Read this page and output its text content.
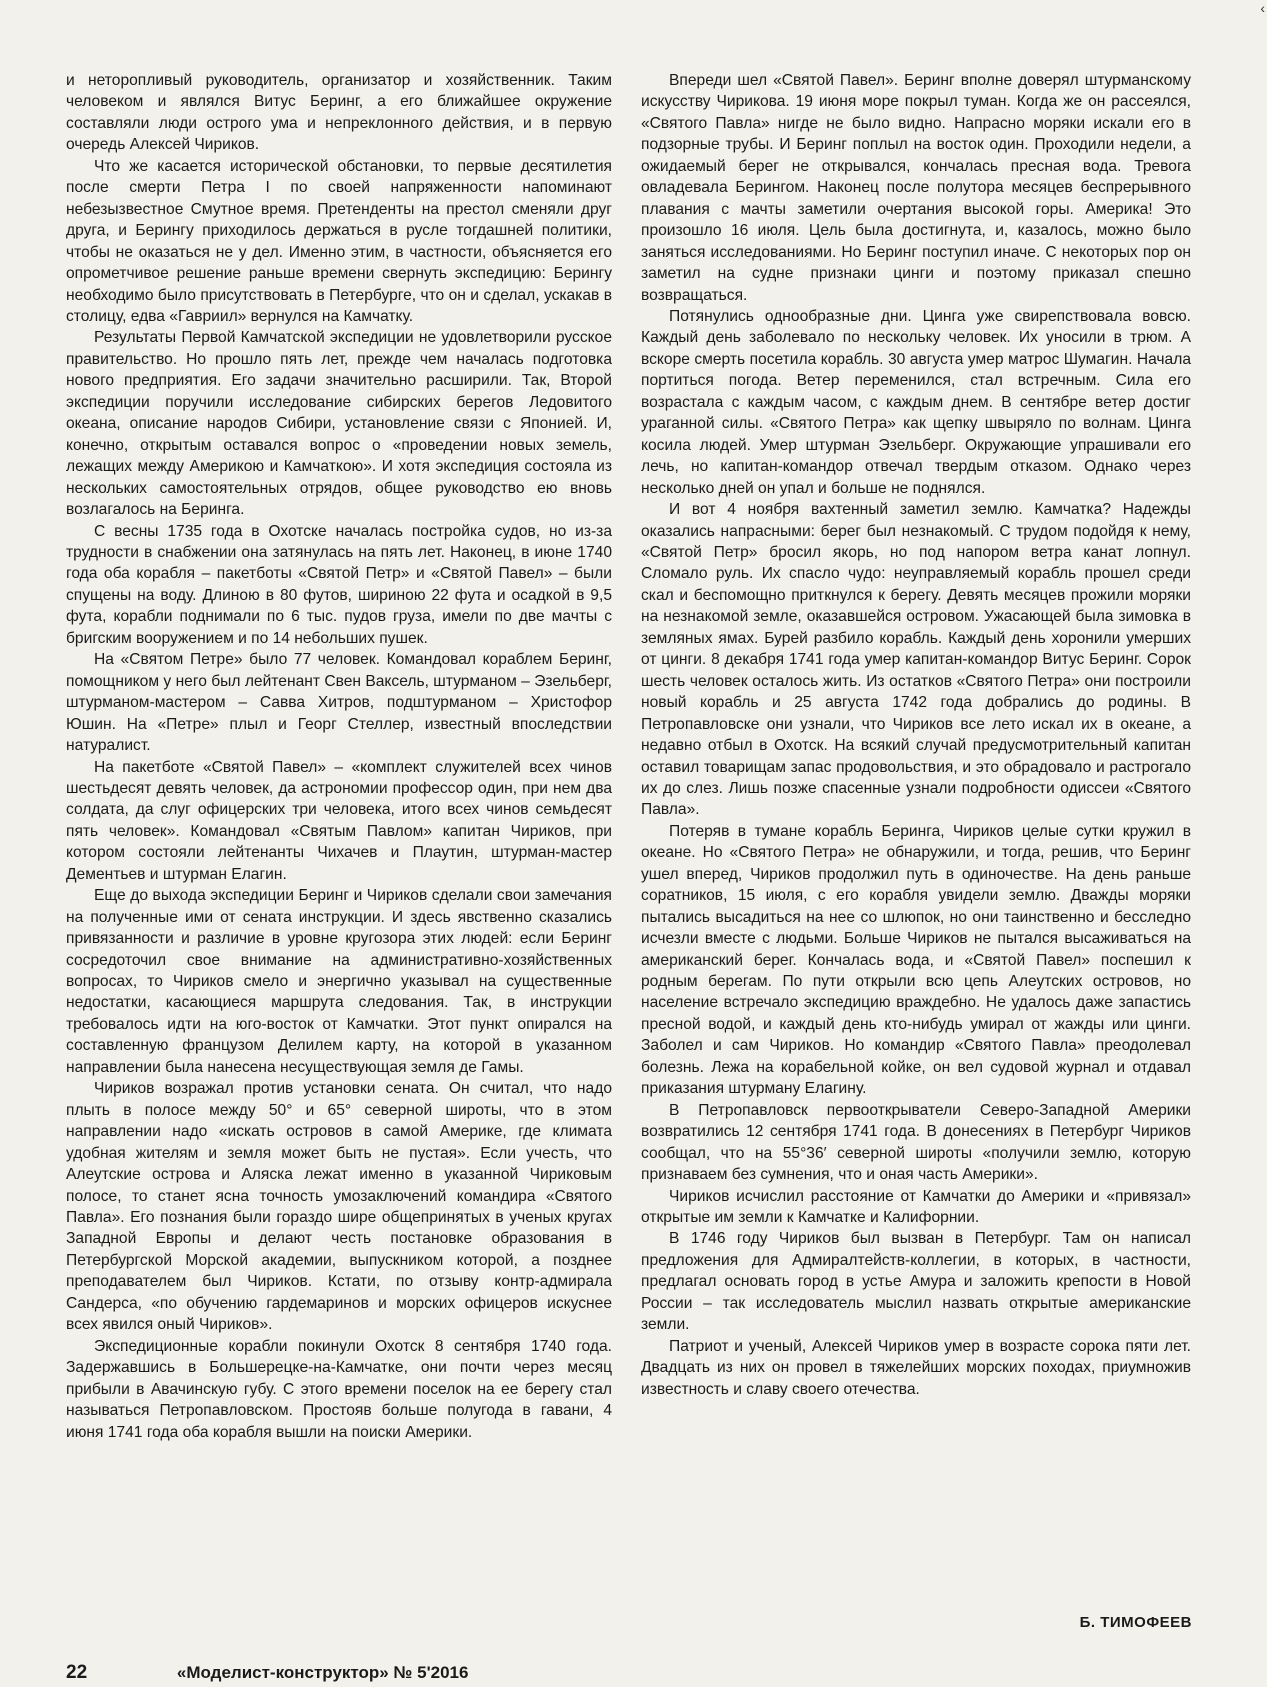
и неторопливый руководитель, организатор и хозяйственник. Таким человеком и являлся Витус Беринг, а его ближайшее окружение составляли люди острого ума и непреклонного действия, и в первую очередь Алексей Чириков.

Что же касается исторической обстановки, то первые десятилетия после смерти Петра I по своей напряженности напоминают небезызвестное Смутное время. Претенденты на престол сменяли друг друга, и Берингу приходилось держаться в русле тогдашней политики, чтобы не оказаться не у дел. Именно этим, в частности, объясняется его опрометчивое решение раньше времени свернуть экспедицию: Берингу необходимо было присутствовать в Петербурге, что он и сделал, ускакав в столицу, едва «Гавриил» вернулся на Камчатку.

Результаты Первой Камчатской экспедиции не удовлетворили русское правительство. Но прошло пять лет, прежде чем началась подготовка нового предприятия. Его задачи значительно расширили. Так, Второй экспедиции поручили исследование сибирских берегов Ледовитого океана, описание народов Сибири, установление связи с Японией. И, конечно, открытым оставался вопрос о «проведении новых земель, лежащих между Америкою и Камчаткою». И хотя экспедиция состояла из нескольких самостоятельных отрядов, общее руководство ею вновь возлагалось на Беринга.

С весны 1735 года в Охотске началась постройка судов, но из-за трудности в снабжении она затянулась на пять лет. Наконец, в июне 1740 года оба корабля – пакетботы «Святой Петр» и «Святой Павел» – были спущены на воду. Длиною в 80 футов, шириною 22 фута и осадкой в 9,5 фута, корабли поднимали по 6 тыс. пудов груза, имели по две мачты с бригским вооружением и по 14 небольших пушек.

На «Святом Петре» было 77 человек. Командовал кораблем Беринг, помощником у него был лейтенант Свен Ваксель, штурманом – Эзельберг, штурманом-мастером – Савва Хитров, подштурманом – Христофор Юшин. На «Петре» плыл и Георг Стеллер, известный впоследствии натуралист.

На пакетботе «Святой Павел» – «комплект служителей всех чинов шестьдесят девять человек, да астрономии профессор один, при нем два солдата, да слуг офицерских три человека, итого всех чинов семьдесят пять человек». Командовал «Святым Павлом» капитан Чириков, при котором состояли лейтенанты Чихачев и Плаутин, штурман-мастер Дементьев и штурман Елагин.

Еще до выхода экспедиции Беринг и Чириков сделали свои замечания на полученные ими от сената инструкции. И здесь явственно сказались привязанности и различие в уровне кругозора этих людей: если Беринг сосредоточил свое внимание на административно-хозяйственных вопросах, то Чириков смело и энергично указывал на существенные недостатки, касающиеся маршрута следования. Так, в инструкции требовалось идти на юго-восток от Камчатки. Этот пункт опирался на составленную французом Делилем карту, на которой в указанном направлении была нанесена несуществующая земля де Гамы.

Чириков возражал против установки сената. Он считал, что надо плыть в полосе между 50° и 65° северной широты, что в этом направлении надо «искать островов в самой Америке, где климата удобная жителям и земля может быть не пустая». Если учесть, что Алеутские острова и Аляска лежат именно в указанной Чириковым полосе, то станет ясна точность умозаключений командира «Святого Павла». Его познания были гораздо шире общепринятых в ученых кругах Западной Европы и делают честь постановке образования в Петербургской Морской академии, выпускником которой, а позднее преподавателем был Чириков. Кстати, по отзыву контр-адмирала Сандерса, «по обучению гардемаринов и морских офицеров искуснее всех явился оный Чириков».

Экспедиционные корабли покинули Охотск 8 сентября 1740 года. Задержавшись в Большерецке-на-Камчатке, они почти через месяц прибыли в Авачинскую губу. С этого времени поселок на ее берегу стал называться Петропавловском. Простояв больше полугода в гавани, 4 июня 1741 года оба корабля вышли на поиски Америки.

Впереди шел «Святой Павел». Беринг вполне доверял штурманскому искусству Чирикова. 19 июня море покрыл туман. Когда же он рассеялся, «Святого Павла» нигде не было видно. Напрасно моряки искали его в подзорные трубы. И Беринг поплыл на восток один. Проходили недели, а ожидаемый берег не открывался, кончалась пресная вода. Тревога овладевала Берингом. Наконец после полутора месяцев беспрерывного плавания с мачты заметили очертания высокой горы. Америка! Это произошло 16 июля. Цель была достигнута, и, казалось, можно было заняться исследованиями. Но Беринг поступил иначе. С некоторых пор он заметил на судне признаки цинги и поэтому приказал спешно возвращаться.

Потянулись однообразные дни. Цинга уже свирепствовала вовсю. Каждый день заболевало по нескольку человек. Их уносили в трюм. А вскоре смерть посетила корабль. 30 августа умер матрос Шумагин. Начала портиться погода. Ветер переменился, стал встречным. Сила его возрастала с каждым часом, с каждым днем. В сентябре ветер достиг ураганной силы. «Святого Петра» как щепку швыряло по волнам. Цинга косила людей. Умер штурман Эзельберг. Окружающие упрашивали его лечь, но капитан-командор отвечал твердым отказом. Однако через несколько дней он упал и больше не поднялся.

И вот 4 ноября вахтенный заметил землю. Камчатка? Надежды оказались напрасными: берег был незнакомый. С трудом подойдя к нему, «Святой Петр» бросил якорь, но под напором ветра канат лопнул. Сломало руль. Их спасло чудо: неуправляемый корабль прошел среди скал и беспомощно приткнулся к берегу. Девять месяцев прожили моряки на незнакомой земле, оказавшейся островом. Ужасающей была зимовка в земляных ямах. Бурей разбило корабль. Каждый день хоронили умерших от цинги. 8 декабря 1741 года умер капитан-командор Витус Беринг. Сорок шесть человек осталось жить. Из остатков «Святого Петра» они построили новый корабль и 25 августа 1742 года добрались до родины. В Петропавловске они узнали, что Чириков все лето искал их в океане, а недавно отбыл в Охотск. На всякий случай предусмотрительный капитан оставил товарищам запас продовольствия, и это обрадовало и растрогало их до слез. Лишь позже спасенные узнали подробности одиссеи «Святого Павла».

Потеряв в тумане корабль Беринга, Чириков целые сутки кружил в океане. Но «Святого Петра» не обнаружили, и тогда, решив, что Беринг ушел вперед, Чириков продолжил путь в одиночестве. На день раньше соратников, 15 июля, с его корабля увидели землю. Дважды моряки пытались высадиться на нее со шлюпок, но они таинственно и бесследно исчезли вместе с людьми. Больше Чириков не пытался высаживаться на американский берег. Кончалась вода, и «Святой Павел» поспешил к родным берегам. По пути открыли всю цепь Алеутских островов, но население встречало экспедицию враждебно. Не удалось даже запастись пресной водой, и каждый день кто-нибудь умирал от жажды или цинги. Заболел и сам Чириков. Но командир «Святого Павла» преодолевал болезнь. Лежа на корабельной койке, он вел судовой журнал и отдавал приказания штурману Елагину.

В Петропавловск первооткрыватели Северо-Западной Америки возвратились 12 сентября 1741 года. В донесениях в Петербург Чириков сообщал, что на 55°36′ северной широты «получили землю, которую признаваем без сумнения, что и оная часть Америки».

Чириков исчислил расстояние от Камчатки до Америки и «привязал» открытые им земли к Камчатке и Калифорнии.

В 1746 году Чириков был вызван в Петербург. Там он написал предложения для Адмиралтейств-коллегии, в которых, в частности, предлагал основать город в устье Амура и заложить крепости в Новой России – так исследователь мыслил назвать открытые американские земли.

Патриот и ученый, Алексей Чириков умер в возрасте сорока пяти лет. Двадцать из них он провел в тяжелейших морских походах, приумножив известность и славу своего отечества.

Б. ТИМОФЕЕВ
22	«Моделист-конструктор» № 5'2016
‹
